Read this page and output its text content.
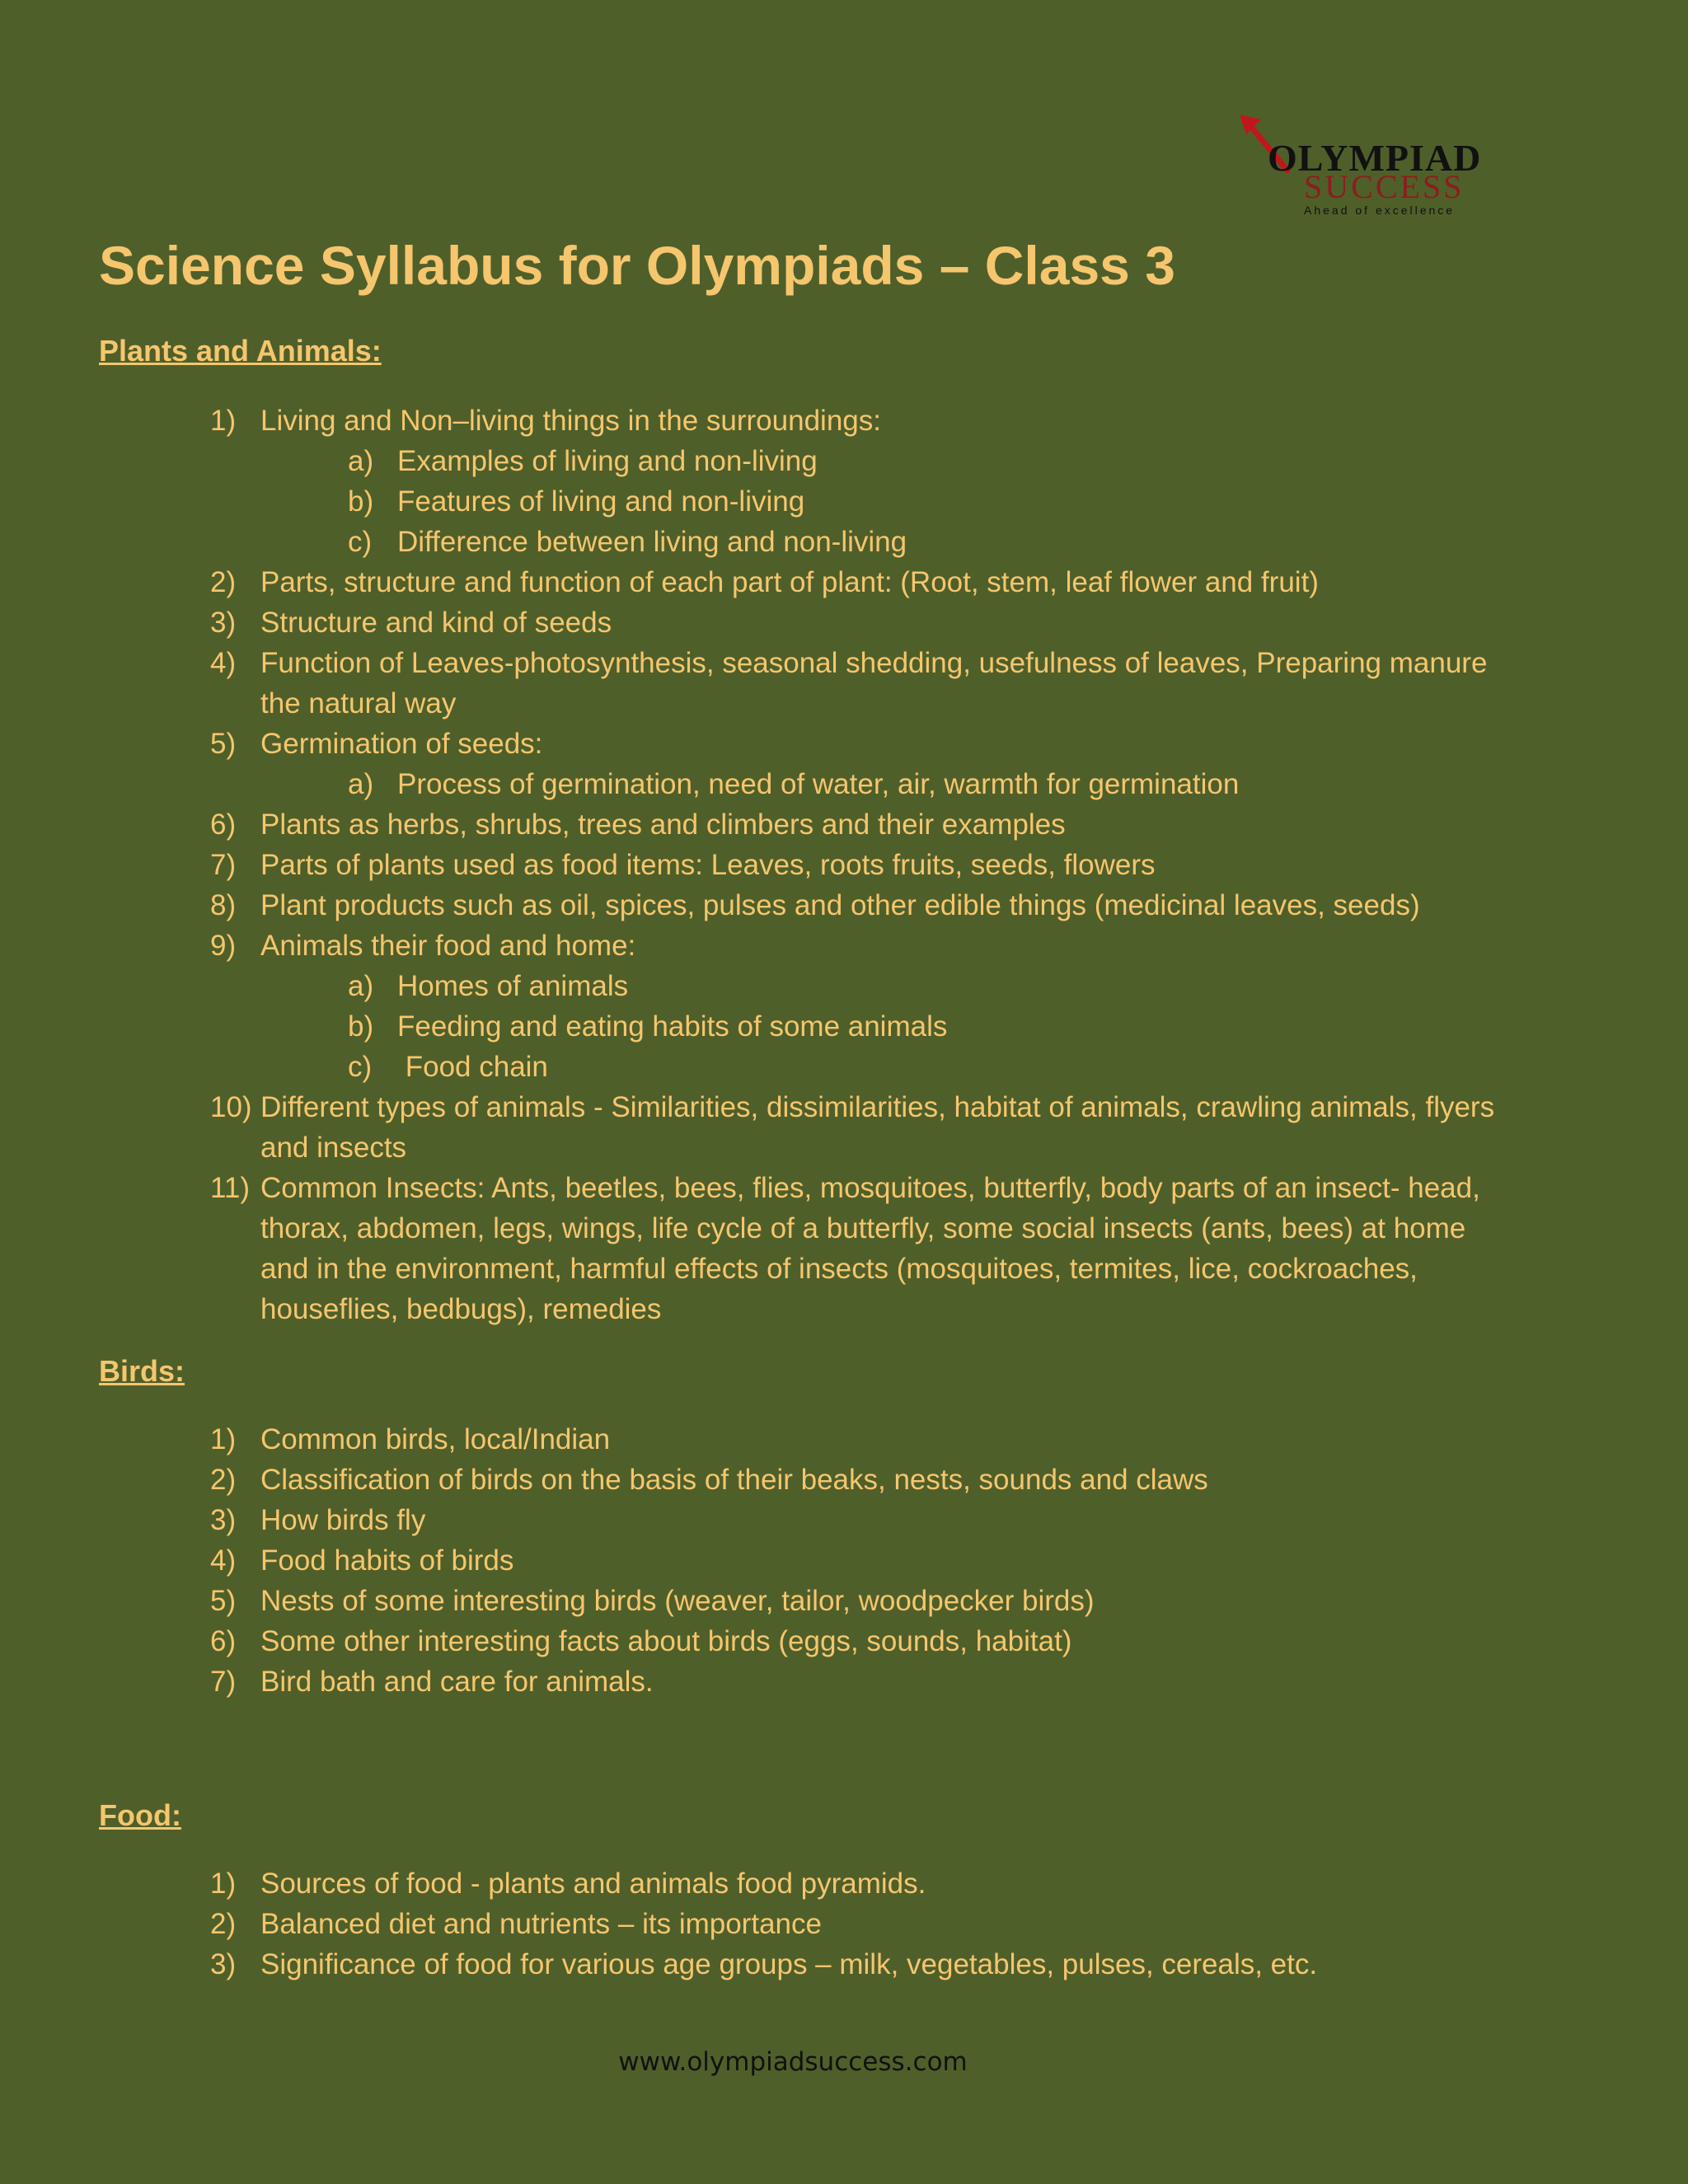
OLYMPIAD
SUCCESS
Ahead of excellence
Science Syllabus for Olympiads – Class 3
Plants and Animals:
1) Living and Non–living things in the surroundings:
a) Examples of living and non-living
b) Features of living and non-living
c) Difference between living and non-living
2) Parts, structure and function of each part of plant: (Root, stem, leaf flower and fruit)
3) Structure and kind of seeds
4) Function of Leaves-photosynthesis, seasonal shedding, usefulness of leaves, Preparing manure the natural way
5) Germination of seeds:
a) Process of germination, need of water, air, warmth for germination
6) Plants as herbs, shrubs, trees and climbers and their examples
7) Parts of plants used as food items: Leaves, roots fruits, seeds, flowers
8) Plant products such as oil, spices, pulses and other edible things (medicinal leaves, seeds)
9) Animals their food and home:
a) Homes of animals
b) Feeding and eating habits of some animals
c) Food chain
10) Different types of animals - Similarities, dissimilarities, habitat of animals, crawling animals, flyers and insects
11) Common Insects: Ants, beetles, bees, flies, mosquitoes, butterfly, body parts of an insect- head, thorax, abdomen, legs, wings, life cycle of a butterfly, some social insects (ants, bees) at home and in the environment, harmful effects of insects (mosquitoes, termites, lice, cockroaches, houseflies, bedbugs), remedies
Birds:
1) Common birds, local/Indian
2) Classification of birds on the basis of their beaks, nests, sounds and claws
3) How birds fly
4) Food habits of birds
5) Nests of some interesting birds (weaver, tailor, woodpecker birds)
6) Some other interesting facts about birds (eggs, sounds, habitat)
7) Bird bath and care for animals.
Food:
1) Sources of food - plants and animals food pyramids.
2) Balanced diet and nutrients – its importance
3) Significance of food for various age groups – milk, vegetables, pulses, cereals, etc.
www.olympiadsuccess.com
